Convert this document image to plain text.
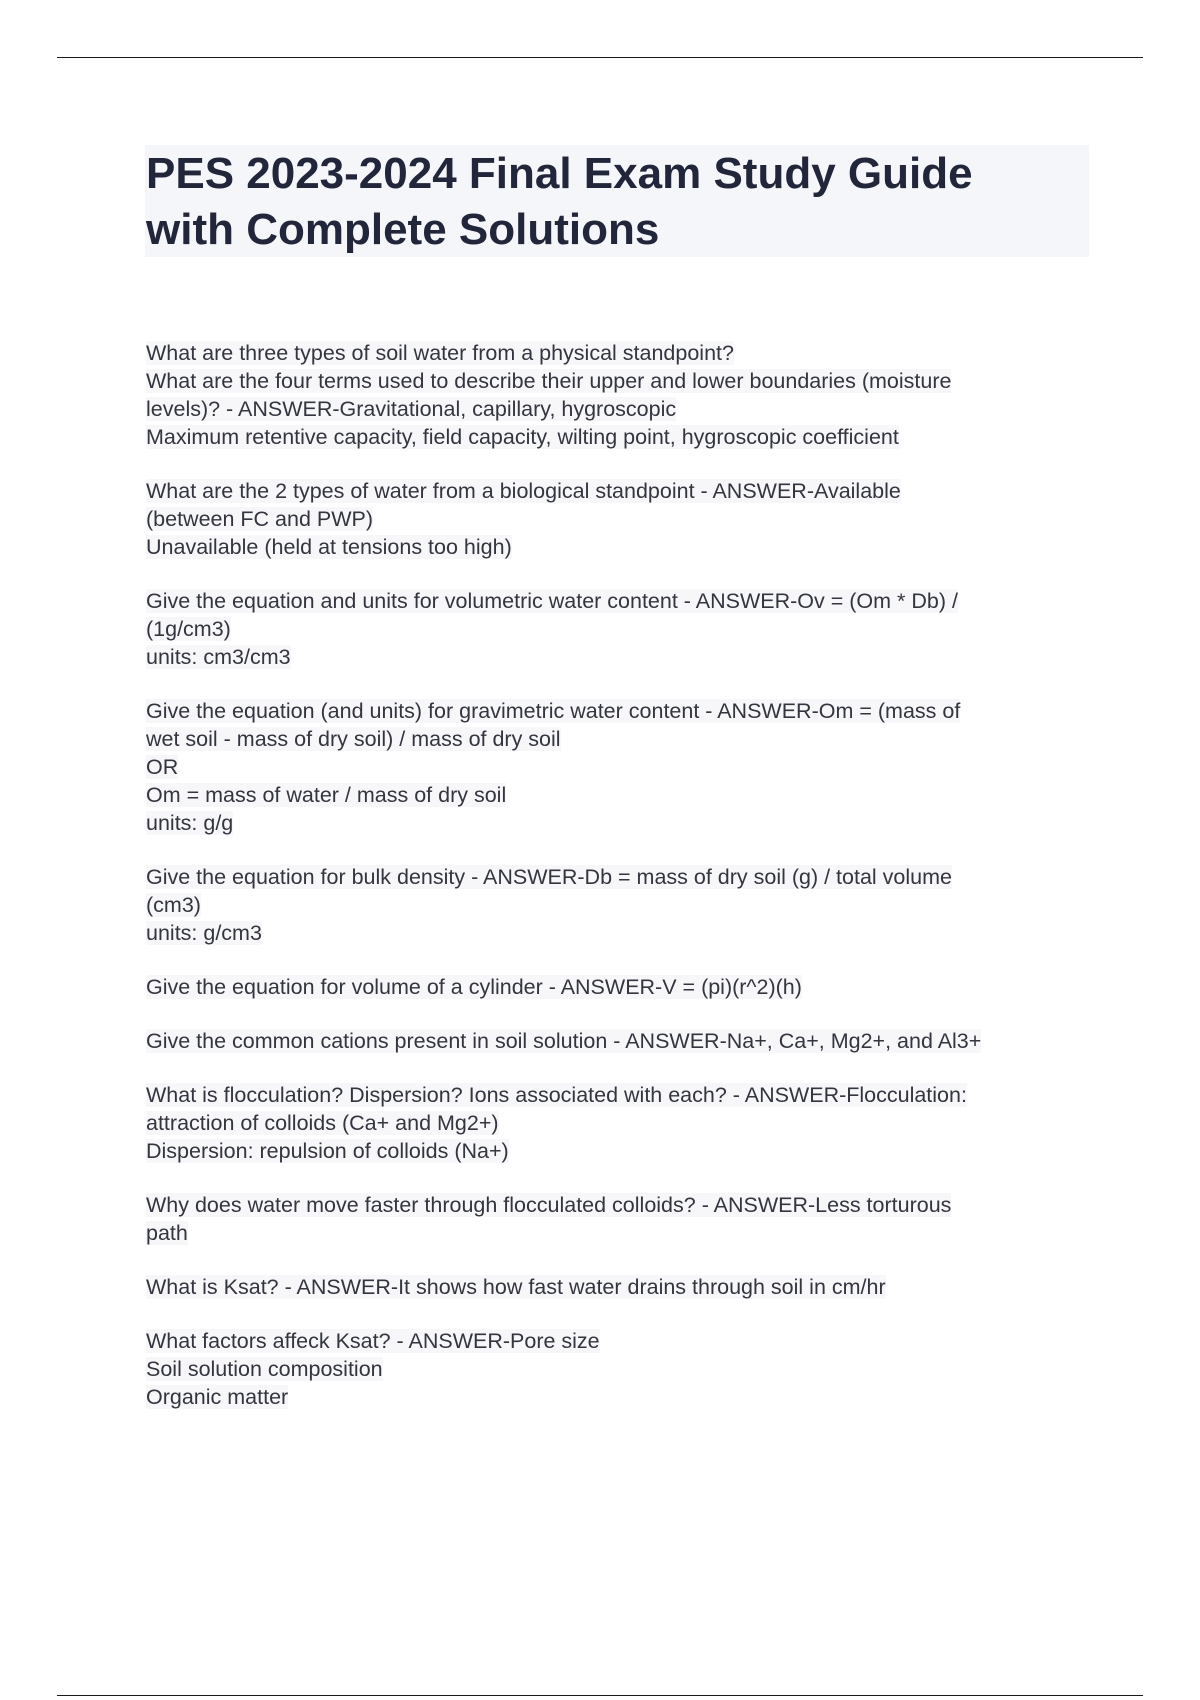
PES 2023-2024 Final Exam Study Guide
with Complete Solutions
What are three types of soil water from a physical standpoint?
What are the four terms used to describe their upper and lower boundaries (moisture
levels)? - ANSWER-Gravitational, capillary, hygroscopic
Maximum retentive capacity, field capacity, wilting point, hygroscopic coefficient
What are the 2 types of water from a biological standpoint - ANSWER-Available
(between FC and PWP)
Unavailable (held at tensions too high)
Give the equation and units for volumetric water content - ANSWER-Ov = (Om * Db) /
(1g/cm3)
units: cm3/cm3
Give the equation (and units) for gravimetric water content - ANSWER-Om = (mass of
wet soil - mass of dry soil) / mass of dry soil
OR
Om = mass of water / mass of dry soil
units: g/g
Give the equation for bulk density - ANSWER-Db = mass of dry soil (g) / total volume
(cm3)
units: g/cm3
Give the equation for volume of a cylinder - ANSWER-V = (pi)(r^2)(h)
Give the common cations present in soil solution - ANSWER-Na+, Ca+, Mg2+, and Al3+
What is flocculation? Dispersion? Ions associated with each? - ANSWER-Flocculation:
attraction of colloids (Ca+ and Mg2+)
Dispersion: repulsion of colloids (Na+)
Why does water move faster through flocculated colloids? - ANSWER-Less torturous
path
What is Ksat? - ANSWER-It shows how fast water drains through soil in cm/hr
What factors affeck Ksat? - ANSWER-Pore size
Soil solution composition
Organic matter
